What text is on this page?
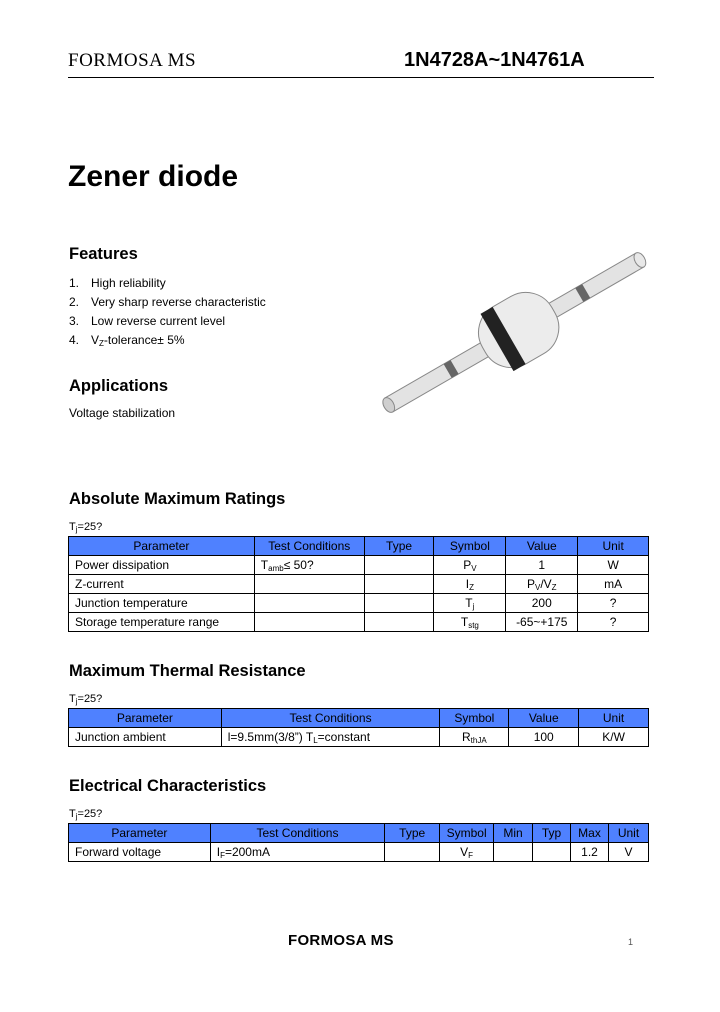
FORMOSA MS	1N4728A~1N4761A
Zener diode
Features
1. High reliability
2. Very sharp reverse characteristic
3. Low reverse current level
4. $V_Z-tolerance\pm 5\%$
Applications
Voltage stabilization
Absolute Maximum Ratings
$T_j=25$?
Parameter	Test Conditions	Type	Symbol	Value	Unit
Power dissipation	$T_{amb}\le 50$?		$P_V$	1	W
Z-current			$I_Z$	$P_V/V_Z$	mA
Junction temperature			$T_j$	200	?
Storage temperature range			$T_{stg}$	-65~+175	?
Maximum Thermal Resistance
$T_j=25$?
Parameter	Test Conditions	Symbol	Value	Unit
Junction ambient	l=9.5mm(3/8”) $T_L=constant$	$R_{thJA}$	100	K/W
Electrical Characteristics
$T_j=25$?
Parameter	Test Conditions	Type	Symbol	Min	Typ	Max	Unit
Forward voltage	$I_F=200mA$		$V_F$			1.2	V
FORMOSA MS	1
